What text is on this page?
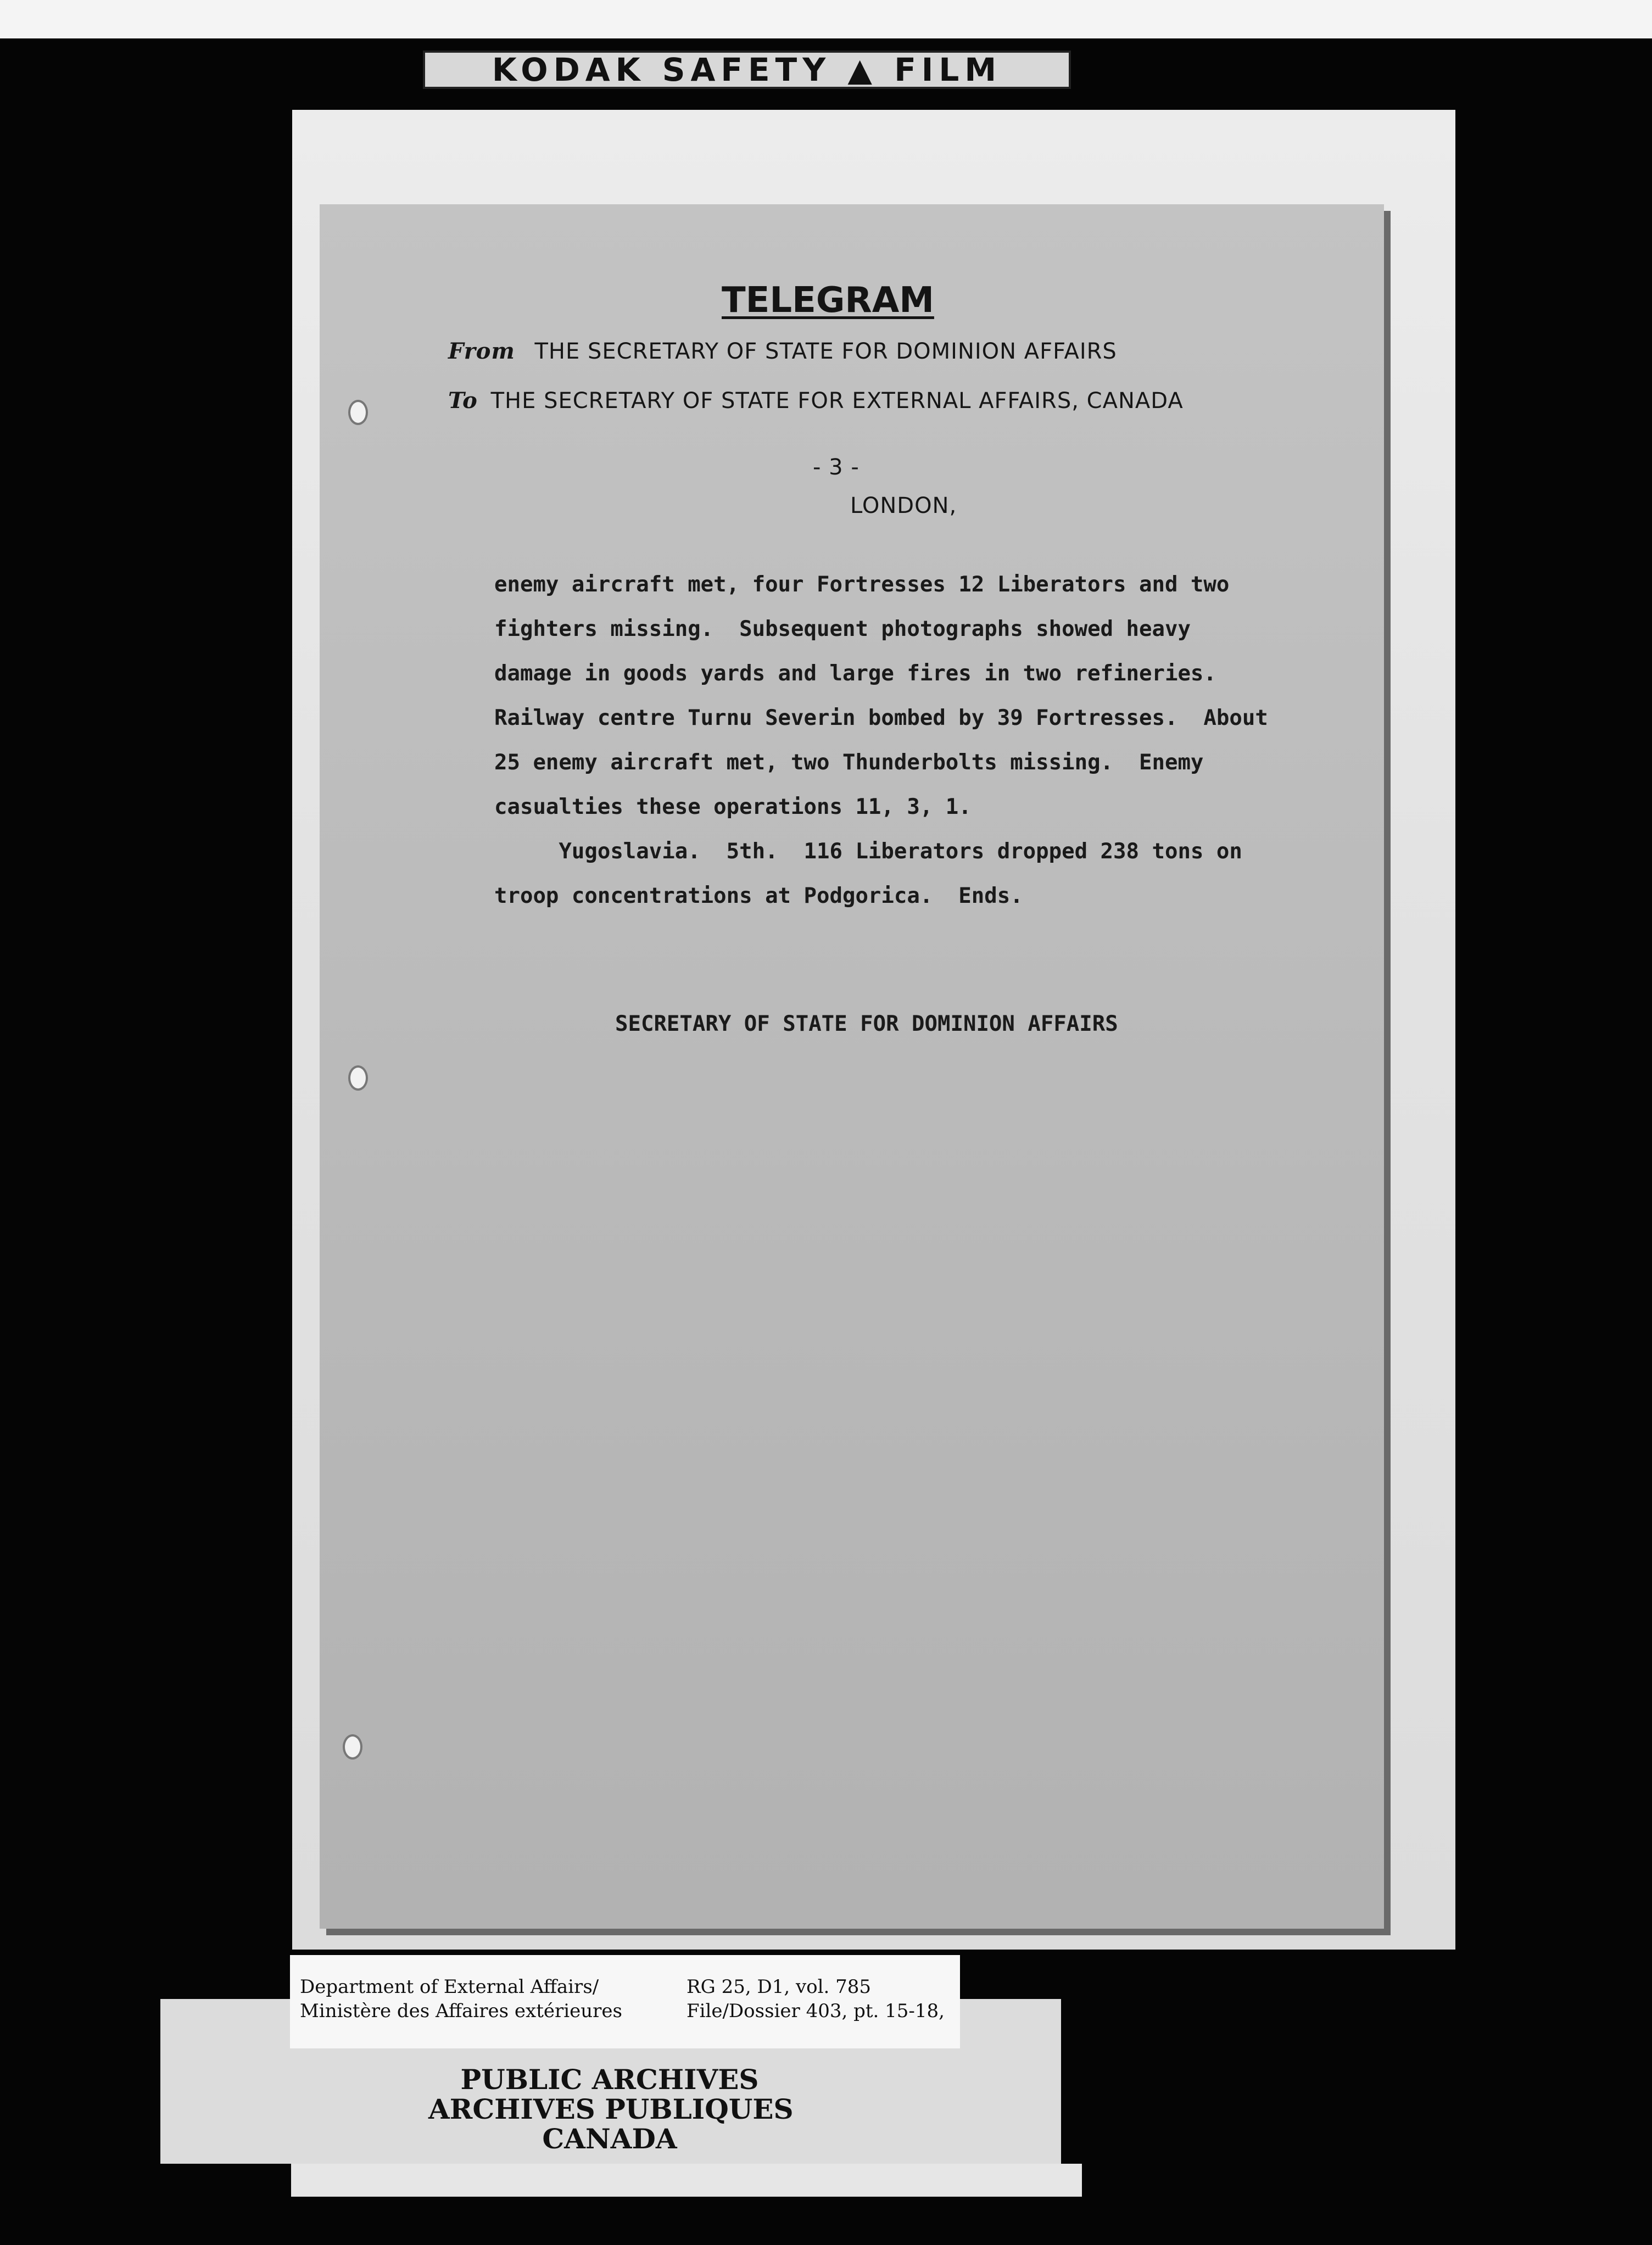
KODAK SAFETY ▲ FILM
TELEGRAM
From THE SECRETARY OF STATE FOR DOMINION AFFAIRS
To THE SECRETARY OF STATE FOR EXTERNAL AFFAIRS, CANADA
- 3 -
LONDON,
enemy aircraft met, four Fortresses 12 Liberators and two
fighters missing.  Subsequent photographs showed heavy
damage in goods yards and large fires in two refineries.
Railway centre Turnu Severin bombed by 39 Fortresses.  About
25 enemy aircraft met, two Thunderbolts missing.  Enemy
casualties these operations 11, 3, 1.
Yugoslavia.  5th.  116 Liberators dropped 238 tons on
troop concentrations at Podgorica.  Ends.
SECRETARY OF STATE FOR DOMINION AFFAIRS
Department of External Affairs/
Ministère des Affaires extérieures
RG 25, D1, vol. 785
File/Dossier 403, pt. 15-18,
PUBLIC ARCHIVES
ARCHIVES PUBLIQUES
CANADA
